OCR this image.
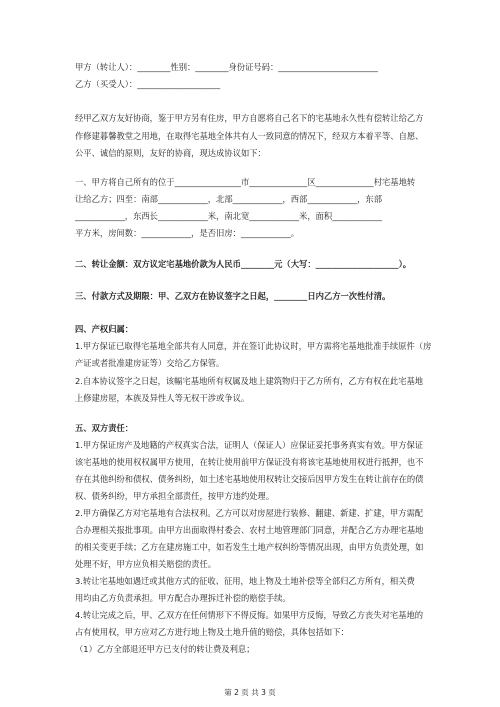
甲方（转让人）：________性别：________身份证号码：________________________
乙方（买受人）：____________________
经甲乙双方友好协商，鉴于甲方另有住房，甲方自愿将自己名下的宅基地永久性有偿转让给乙方
作修建暮馨教堂之用地，在取得宅基地全体共有人一致同意的情况下，经双方本着平等、自愿、
公平、诚信的原则，友好的协商，现达成协议如下：
一、甲方将自己所有的位于________________市______________区______________村宅基地转
让给乙方；四至：南部____________，北部____________，西部____________，东部
____________，东西长____________米，南北宽____________米，面积____________
平方米，房间数：____________，是否旧房：____________。
二、转让金额：双方议定宅基地价款为人民币________元（大写：____________________）。
三、付款方式及期限：甲、乙双方在协议签字之日起，________日内乙方一次性付清。
四、产权归属：
1.甲方保证已取得宅基地全部共有人同意，并在签订此协议时，甲方需将宅基地批准手续原件（房
产证或者批准建房证等）交给乙方保管。
2.自本协议签字之日起，该幅宅基地所有权属及地上建筑物归于乙方所有，乙方有权在此宅基地
上修建房屋，本族及异性人等无权干涉或争议。
五、双方责任：
1.甲方保证房产及地籍的产权真实合法，证明人（保证人）应保证妥托事务真实有效。甲方保证
该宅基地的使用权权属甲方使用，在转让使用前甲方保证没有将该宅基地使用权进行抵押，也不
存在其他纠纷和债权、债务纠纷，如土述宅基地使用权转让交接后因甲方发生在转让前存在的债
权、债务纠纷，甲方承担全部责任，按甲方违约处理。
2.甲方确保乙方对宅基地有合法权利。乙方可以对房屋进行装修、翻建、新建、扩建，甲方需配
合办理相关报批事项。由甲方出面取得村委会、农村土地管理部门同意，并配合乙方办理宅基地
的相关变更手续；乙方在建房施工中，如若发生土地产权纠纷等情况出现，由甲方负责处理，如
处理不好，甲方应负相关赔偿的责任。
3.转让宅基地如遇迁或其他方式的征收、征用，地上物及土地补偿等全部归乙方所有，相关费
用均由乙方负责承担。甲方配合办理拆迁补偿的赔偿手续。
4.转让完成之后，甲、乙双方在任何情形下不得反悔。如果甲方反悔，导致乙方丧失对宅基地的
占有使用权，甲方应对乙方进行地上物及土地升值的赔偿，具体包括如下：
（1）乙方全部退还甲方已支付的转让费及利息；
第 2 页 共 3 页
